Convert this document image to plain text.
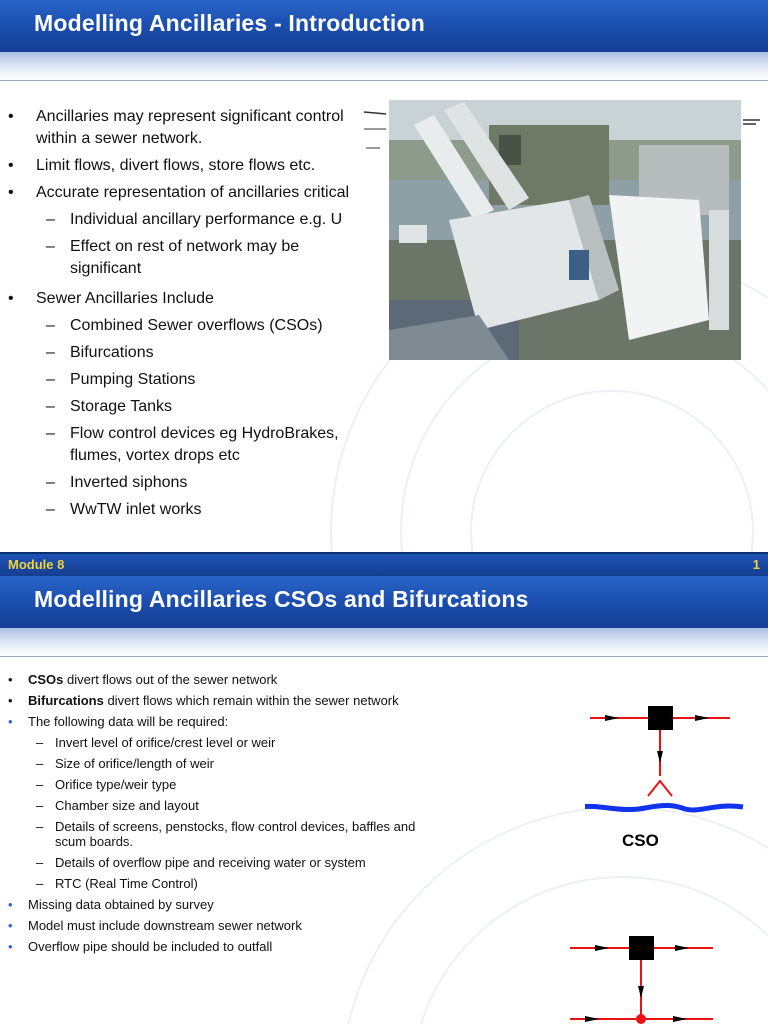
Modelling Ancillaries - Introduction
• Ancillaries may represent significant control within a sewer network.
• Limit flows, divert flows, store flows etc.
• Accurate representation of ancillaries critical
– Individual ancillary performance e.g. U
– Effect on rest of network may be significant
• Sewer Ancillaries Include
– Combined Sewer overflows (CSOs)
– Bifurcations
– Pumping Stations
– Storage Tanks
– Flow control devices eg HydroBrakes, flumes, vortex drops etc
– Inverted siphons
– WwTW inlet works
Module 8	1
Modelling Ancillaries CSOs and Bifurcations
• CSOs divert flows out of the sewer network
• Bifurcations divert flows which remain within the sewer network
• The following data will be required:
– Invert level of orifice/crest level or weir
– Size of orifice/length of weir
– Orifice type/weir type
– Chamber size and layout
– Details of screens, penstocks, flow control devices, baffles and scum boards.
– Details of overflow pipe and receiving water or system
– RTC (Real Time Control)
• Missing data obtained by survey
• Model must include downstream sewer network
• Overflow pipe should be included to outfall
CSO
